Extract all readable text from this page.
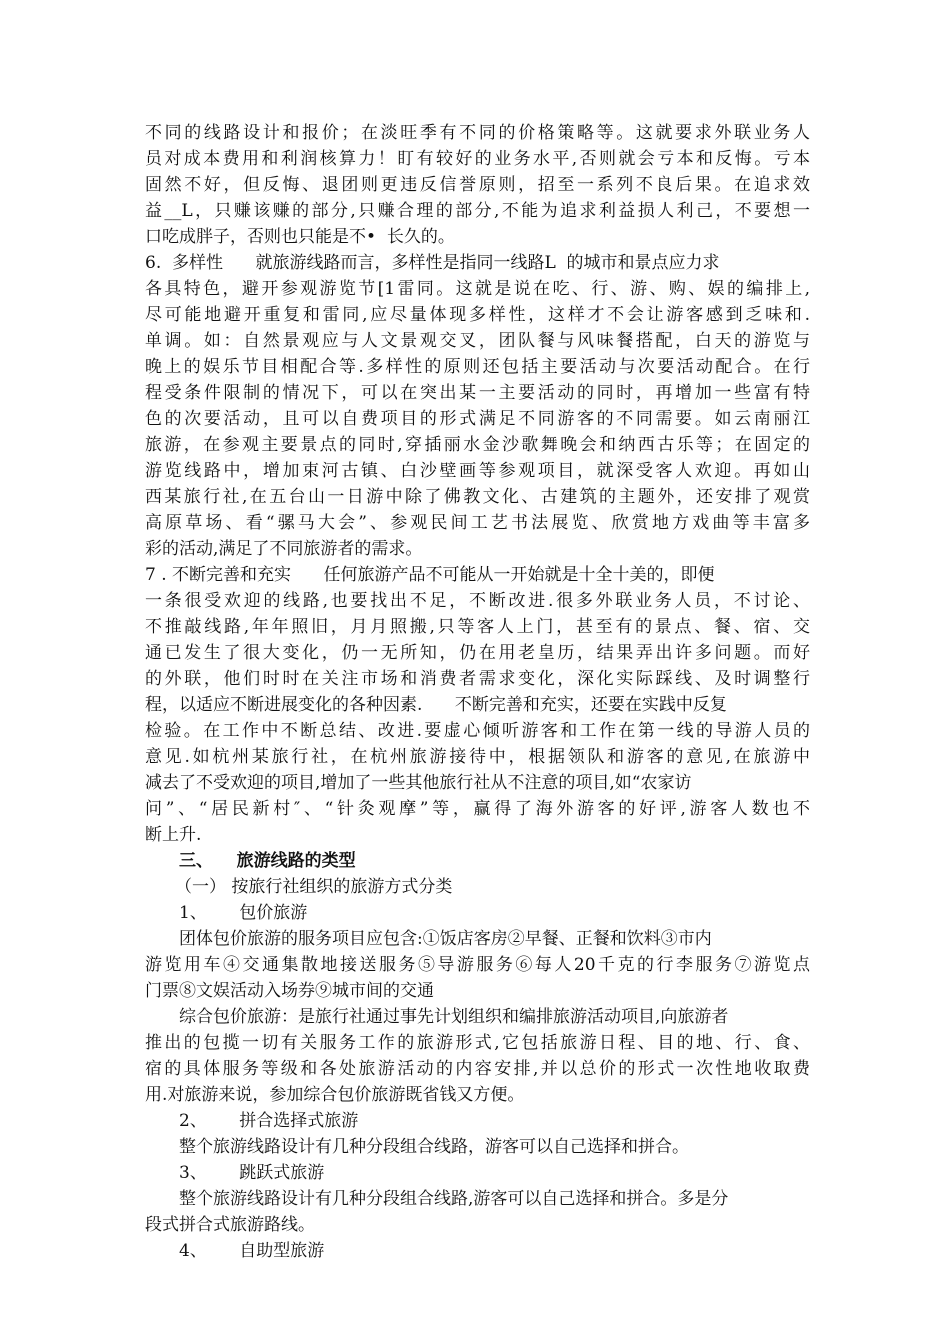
不同的线路设计和报价；在淡旺季有不同的价格策略等。这就要求外联业务人
员对成本费用和利润核算力！盯有较好的业务水平,否则就会亏本和反悔。亏本
固然不好，但反悔、退团则更违反信誉原则，招至一系列不良后果。在追求效
益__L，只赚该赚的部分,只赚合理的部分,不能为追求利益损人利己，不要想一
口吃成胖子，否则也只能是不•  长久的。
6.  多样性      就旅游线路而言，多样性是指同一线路L  的城市和景点应力求
各具特色，避开参观游览节[1雷同。这就是说在吃、行、游、购、娱的编排上,
尽可能地避开重复和雷同,应尽量体现多样性，这样才不会让游客感到乏味和.
单调。如：自然景观应与人文景观交叉，团队餐与风味餐搭配，白天的游览与
晚上的娱乐节目相配合等.多样性的原则还包括主要活动与次要活动配合。在行
程受条件限制的情况下，可以在突出某一主要活动的同时，再增加一些富有特
色的次要活动，且可以自费项目的形式满足不同游客的不同需要。如云南丽江
旅游，在参观主要景点的同时,穿插丽水金沙歌舞晚会和纳西古乐等；在固定的
游览线路中，增加束河古镇、白沙壁画等参观项目，就深受客人欢迎。再如山
西某旅行社,在五台山一日游中除了佛教文化、古建筑的主题外，还安排了观赏
高原草场、看“骡马大会”、参观民间工艺书法展览、欣赏地方戏曲等丰富多
彩的活动,满足了不同旅游者的需求。
7 . 不断完善和充实      任何旅游产品不可能从一开始就是十全十美的，即便
一条很受欢迎的线路,也要找出不足，不断改进.很多外联业务人员，不讨论、
不推敲线路,年年照旧，月月照搬,只等客人上门，甚至有的景点、餐、宿、交
通已发生了很大变化，仍一无所知，仍在用老皇历，结果弄出许多问题。而好
的外联，他们时时在关注市场和消费者需求变化，深化实际踩线、及时调整行
程，以适应不断进展变化的各种因素.      不断完善和充实，还要在实践中反复
检验。在工作中不断总结、改进.要虚心倾听游客和工作在第一线的导游人员的
意见.如杭州某旅行社，在杭州旅游接待中，根据领队和游客的意见,在旅游中
减去了不受欢迎的项目,增加了一些其他旅行社从不注意的项目,如“农家访
问”、“居民新村″、“针灸观摩”等，赢得了海外游客的好评,游客人数也不
断上升.
三、    旅游线路的类型
（一） 按旅行社组织的旅游方式分类
1、      包价旅游
团体包价旅游的服务项目应包含:①饭店客房②早餐、正餐和饮料③市内
游览用车④交通集散地接送服务⑤导游服务⑥每人20千克的行李服务⑦游览点
门票⑧文娱活动入场券⑨城市间的交通
综合包价旅游：是旅行社通过事先计划组织和编排旅游活动项目,向旅游者
推出的包揽一切有关服务工作的旅游形式,它包括旅游日程、目的地、行、食、
宿的具体服务等级和各处旅游活动的内容安排,并以总价的形式一次性地收取费
用.对旅游来说，参加综合包价旅游既省钱又方便。
2、      拼合选择式旅游
整个旅游线路设计有几种分段组合线路，游客可以自己选择和拼合。
3、      跳跃式旅游
整个旅游线路设计有几种分段组合线路,游客可以自己选择和拼合。多是分
段式拼合式旅游路线。
4、      自助型旅游
